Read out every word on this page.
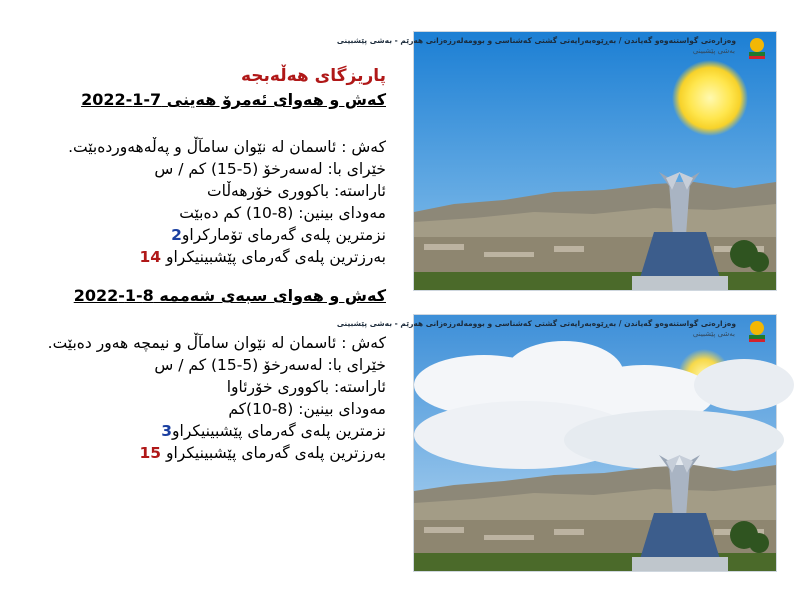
پاریزگای هەڵەبجە
کەش و هەوای ئەمرۆ هەینی 7-1-2022
کەش : ئاسمان لە نێوان سامآڵ و پەڵەهەوردەبێت.
خێرای با: لەسەرخۆ (5-15) کم / س
ئاراستە: باکووری خۆرهەڵات
مەودای بینین: (8-10) کم دەبێت
نزمترین پلەی گەرمای تۆمارکراو2
بەرزترین پلەی گەرمای پێشبینیکراو 14
کەش و هەوای سبەی شەممە 8-1-2022
کەش : ئاسمان لە نێوان سامآڵ و نیمچە هەور دەبێت.
خێرای با: لەسەرخۆ (5-15) کم / س
ئاراستە: باکووری خۆرئاوا
مەودای بینین: (8-10)کم
نزمترین پلەی گەرمای پێشبینیکراو3
بەرزترین پلەی گەرمای پێشبینیکراو 15
وەزارەتی گواستنەوەو گەیاندن / بەڕێوەبەرایەتی گشتی کەشناسی و بوومەلەرزەزانی هەرێم - بەشی پێشبینی
وەزارەتی گواستنەوەو گەیاندن / بەڕێوەبەرایەتی گشتی کەشناسی و بوومەلەرزەزانی هەرێم - بەشی پێشبینی
بەشی پێشبینی
بەشی پێشبینی
